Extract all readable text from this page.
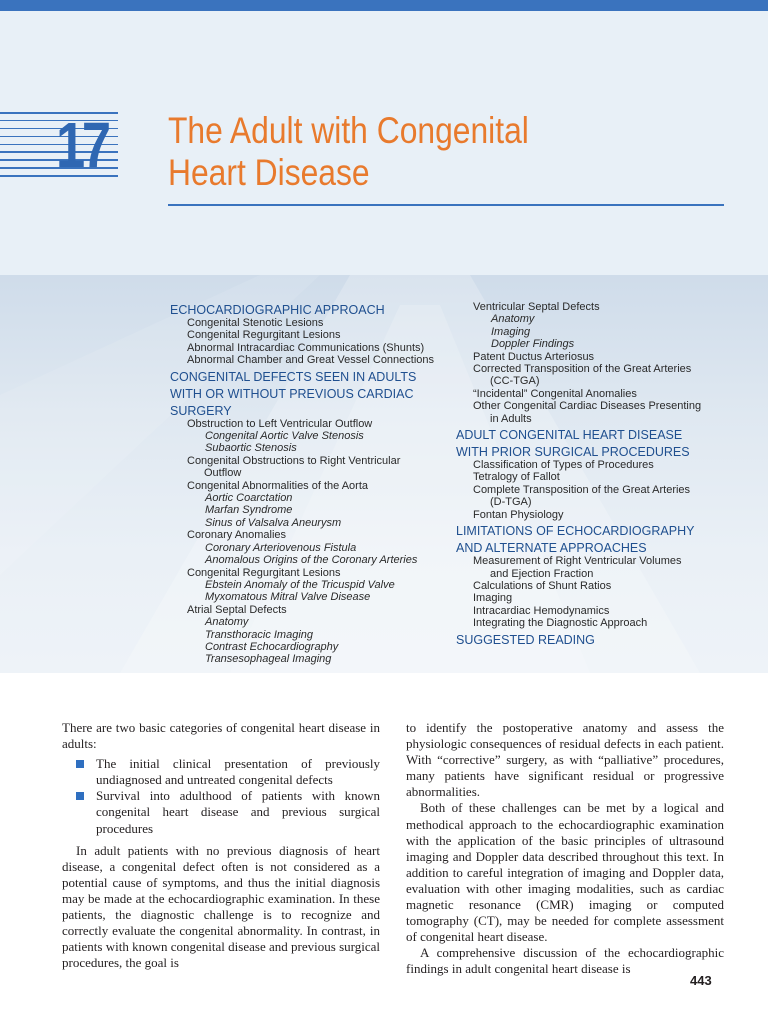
17 The Adult with Congenital
Heart Disease
ECHOCARDIOGRAPHIC APPROACH
Congenital Stenotic Lesions
Congenital Regurgitant Lesions
Abnormal Intracardiac Communications (Shunts)
Abnormal Chamber and Great Vessel Connections
CONGENITAL DEFECTS SEEN IN ADULTS
WITH OR WITHOUT PREVIOUS CARDIAC
SURGERY
Obstruction to Left Ventricular Outflow
Congenital Aortic Valve Stenosis
Subaortic Stenosis
Congenital Obstructions to Right Ventricular
Outflow
Congenital Abnormalities of the Aorta
Aortic Coarctation
Marfan Syndrome
Sinus of Valsalva Aneurysm
Coronary Anomalies
Coronary Arteriovenous Fistula
Anomalous Origins of the Coronary Arteries
Congenital Regurgitant Lesions
Ebstein Anomaly of the Tricuspid Valve
Myxomatous Mitral Valve Disease
Atrial Septal Defects
Anatomy
Transthoracic Imaging
Contrast Echocardiography
Transesophageal Imaging
Ventricular Septal Defects
Anatomy
Imaging
Doppler Findings
Patent Ductus Arteriosus
Corrected Transposition of the Great Arteries
(CC-TGA)
“Incidental” Congenital Anomalies
Other Congenital Cardiac Diseases Presenting
in Adults
ADULT CONGENITAL HEART DISEASE
WITH PRIOR SURGICAL PROCEDURES
Classification of Types of Procedures
Tetralogy of Fallot
Complete Transposition of the Great Arteries
(D-TGA)
Fontan Physiology
LIMITATIONS OF ECHOCARDIOGRAPHY
AND ALTERNATE APPROACHES
Measurement of Right Ventricular Volumes
and Ejection Fraction
Calculations of Shunt Ratios
Imaging
Intracardiac Hemodynamics
Integrating the Diagnostic Approach
SUGGESTED READING

There are two basic categories of congenital heart disease in adults:

The initial clinical presentation of previously undiagnosed and untreated congenital defects
Survival into adulthood of patients with known congenital heart disease and previous surgical procedures

In adult patients with no previous diagnosis of heart disease, a congenital defect often is not considered as a potential cause of symptoms, and thus the initial diagnosis may be made at the echocardiographic examination. In these patients, the diagnostic challenge is to recognize and correctly evaluate the congenital abnormality. In contrast, in patients with known congenital disease and previous surgical procedures, the goal is

to identify the postoperative anatomy and assess the physiologic consequences of residual defects in each patient. With “corrective” surgery, as with “palliative” procedures, many patients have significant residual or progressive abnormalities.

Both of these challenges can be met by a logical and methodical approach to the echocardiographic examination with the application of the basic principles of ultrasound imaging and Doppler data described throughout this text. In addition to careful integration of imaging and Doppler data, evaluation with other imaging modalities, such as cardiac magnetic resonance (CMR) imaging or computed tomography (CT), may be needed for complete assessment of congenital heart disease.

A comprehensive discussion of the echocardiographic findings in adult congenital heart disease is

443
